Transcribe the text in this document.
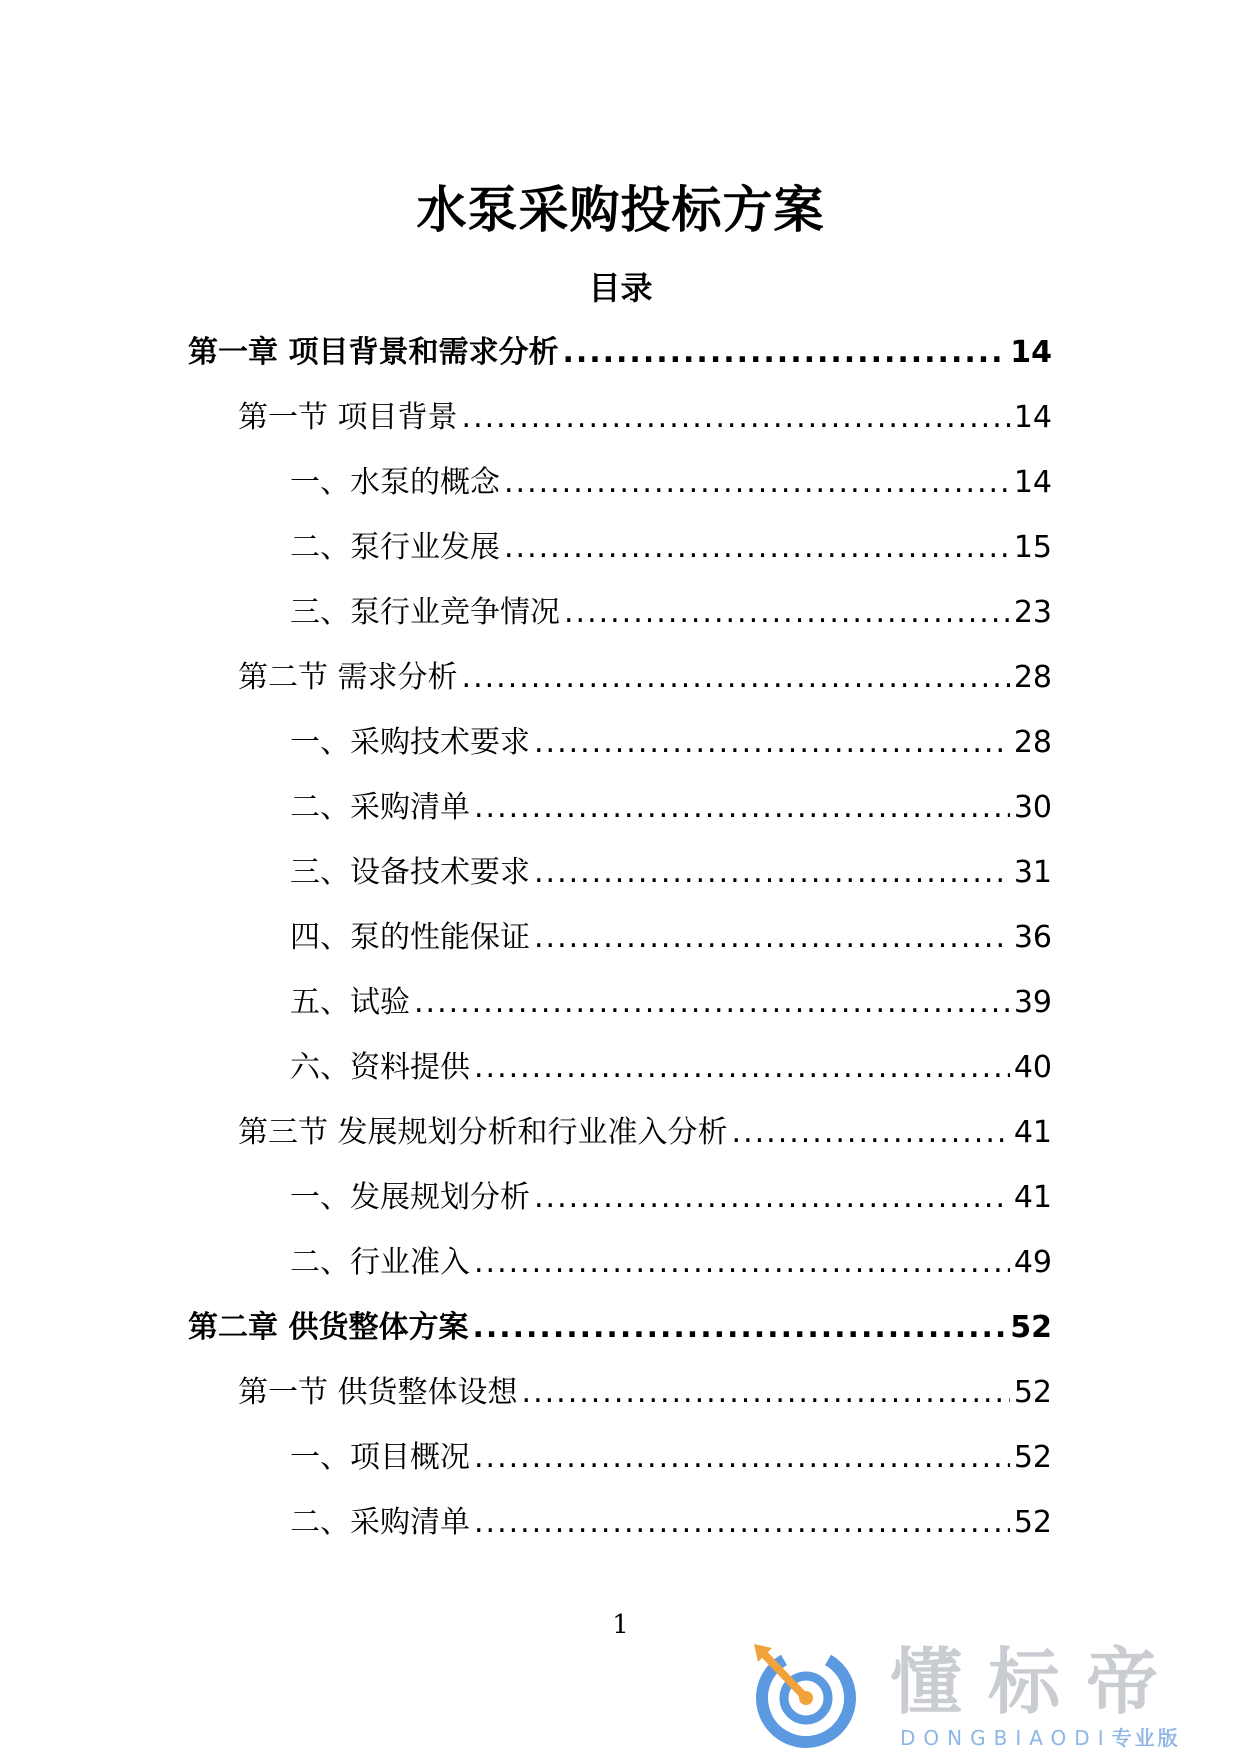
水泵采购投标方案
目录
第一章 项目背景和需求分析 .....	14
第一节 项目背景 .....	14
一、水泵的概念 .....	14
二、泵行业发展 .....	15
三、泵行业竞争情况 .....	23
第二节 需求分析 .....	28
一、采购技术要求 .....	28
二、采购清单 .....	30
三、设备技术要求 .....	31
四、泵的性能保证 .....	36
五、试验 .....	39
六、资料提供 .....	40
第三节 发展规划分析和行业准入分析 .....	41
一、发展规划分析 .....	41
二、行业准入 .....	49
第二章 供货整体方案 .....	52
第一节 供货整体设想 .....	52
一、项目概况 .....	52
二、采购清单 .....	52
1
懂标帝
DONGBIAODI专业版
